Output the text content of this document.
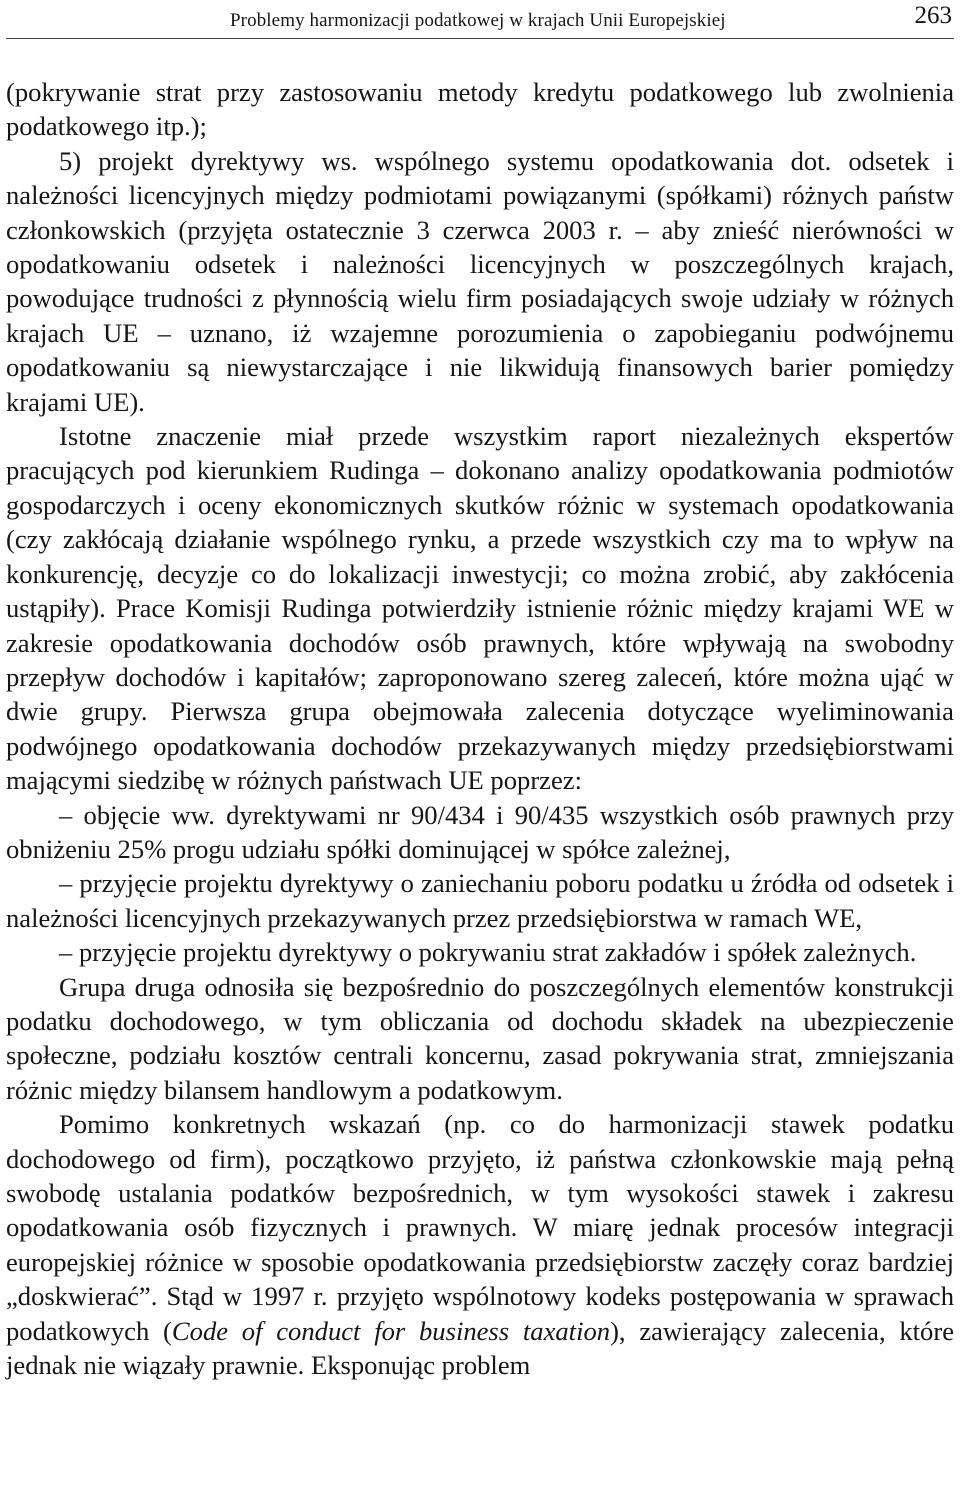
Problemy harmonizacji podatkowej w krajach Unii Europejskiej	263

(pokrywanie strat przy zastosowaniu metody kredytu podatkowego lub zwolnienia podatkowego itp.);

5) projekt dyrektywy ws. wspólnego systemu opodatkowania dot. odsetek i należności licencyjnych między podmiotami powiązanymi (spółkami) różnych państw członkowskich (przyjęta ostatecznie 3 czerwca 2003 r. – aby znieść nierówności w opodatkowaniu odsetek i należności licencyjnych w poszczególnych krajach, powodujące trudności z płynnością wielu firm posiadających swoje udziały w różnych krajach UE – uznano, iż wzajemne porozumienia o zapobieganiu podwójnemu opodatkowaniu są niewystarczające i nie likwidują finansowych barier pomiędzy krajami UE).

Istotne znaczenie miał przede wszystkim raport niezależnych ekspertów pracujących pod kierunkiem Rudinga – dokonano analizy opodatkowania podmiotów gospodarczych i oceny ekonomicznych skutków różnic w systemach opodatkowania (czy zakłócają działanie wspólnego rynku, a przede wszystkich czy ma to wpływ na konkurencję, decyzje co do lokalizacji inwestycji; co można zrobić, aby zakłócenia ustąpiły). Prace Komisji Rudinga potwierdziły istnienie różnic między krajami WE w zakresie opodatkowania dochodów osób prawnych, które wpływają na swobodny przepływ dochodów i kapitałów; zaproponowano szereg zaleceń, które można ująć w dwie grupy. Pierwsza grupa obejmowała zalecenia dotyczące wyeliminowania podwójnego opodatkowania dochodów przekazywanych między przedsiębiorstwami mającymi siedzibę w różnych państwach UE poprzez:

– objęcie ww. dyrektywami nr 90/434 i 90/435 wszystkich osób prawnych przy obniżeniu 25% progu udziału spółki dominującej w spółce zależnej,

– przyjęcie projektu dyrektywy o zaniechaniu poboru podatku u źródła od odsetek i należności licencyjnych przekazywanych przez przedsiębiorstwa w ramach WE,

– przyjęcie projektu dyrektywy o pokrywaniu strat zakładów i spółek zależnych.

Grupa druga odnosiła się bezpośrednio do poszczególnych elementów konstrukcji podatku dochodowego, w tym obliczania od dochodu składek na ubezpieczenie społeczne, podziału kosztów centrali koncernu, zasad pokrywania strat, zmniejszania różnic między bilansem handlowym a podatkowym.

Pomimo konkretnych wskazań (np. co do harmonizacji stawek podatku dochodowego od firm), początkowo przyjęto, iż państwa członkowskie mają pełną swobodę ustalania podatków bezpośrednich, w tym wysokości stawek i zakresu opodatkowania osób fizycznych i prawnych. W miarę jednak procesów integracji europejskiej różnice w sposobie opodatkowania przedsiębiorstw zaczęły coraz bardziej „doskwierać”. Stąd w 1997 r. przyjęto wspólnotowy kodeks postępowania w sprawach podatkowych (Code of conduct for business taxation), zawierający zalecenia, które jednak nie wiązały prawnie. Eksponując problem
